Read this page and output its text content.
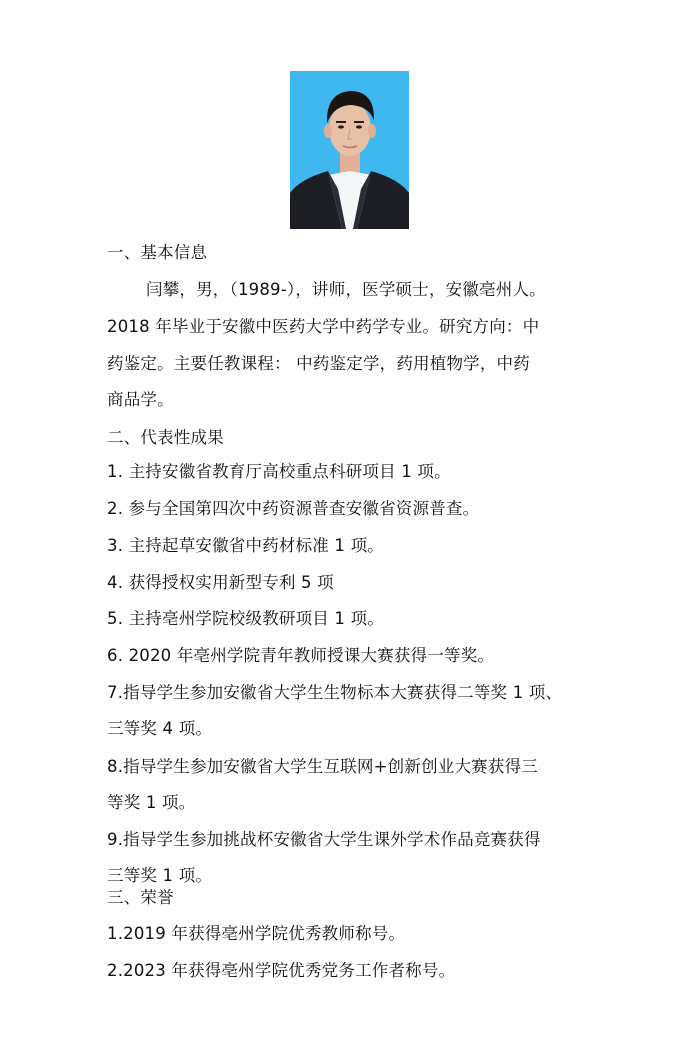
一、基本信息
闫攀，男，（1989-），讲师，医学硕士，安徽亳州人。
2018 年毕业于安徽中医药大学中药学专业。研究方向：中
药鉴定。主要任教课程： 中药鉴定学，药用植物学，中药
商品学。
二、代表性成果
1. 主持安徽省教育厅高校重点科研项目 1 项。
2. 参与全国第四次中药资源普查安徽省资源普查。
3. 主持起草安徽省中药材标准 1 项。
4. 获得授权实用新型专利 5 项
5. 主持亳州学院校级教研项目 1 项。
6. 2020 年亳州学院青年教师授课大赛获得一等奖。
7.指导学生参加安徽省大学生生物标本大赛获得二等奖 1 项、
三等奖 4 项。
8.指导学生参加安徽省大学生互联网+创新创业大赛获得三
等奖 1 项。
9.指导学生参加挑战杯安徽省大学生课外学术作品竞赛获得
三等奖 1 项。
三、荣誉
1.2019 年获得亳州学院优秀教师称号。
2.2023 年获得亳州学院优秀党务工作者称号。
